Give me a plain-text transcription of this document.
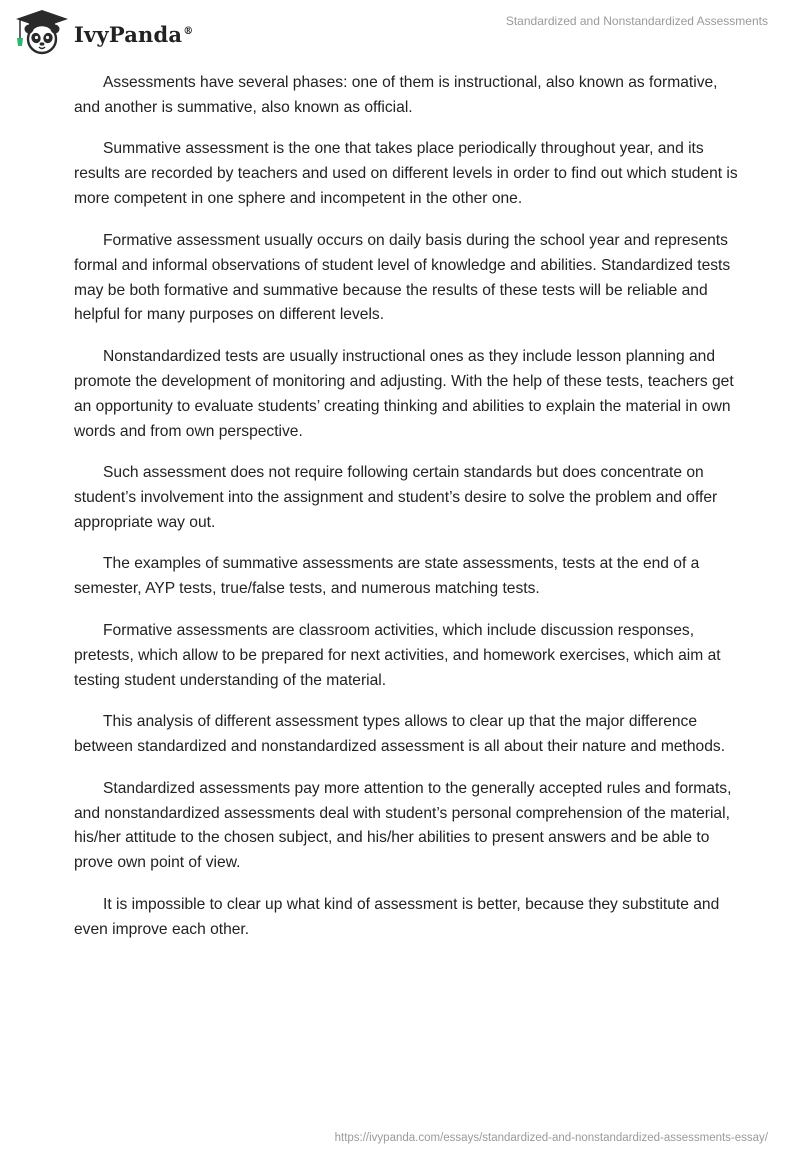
IvyPanda®
Standardized and Nonstandardized Assessments

Assessments have several phases: one of them is instructional, also known as formative, and another is summative, also known as official.

Summative assessment is the one that takes place periodically throughout year, and its results are recorded by teachers and used on different levels in order to find out which student is more competent in one sphere and incompetent in the other one.

Formative assessment usually occurs on daily basis during the school year and represents formal and informal observations of student level of knowledge and abilities. Standardized tests may be both formative and summative because the results of these tests will be reliable and helpful for many purposes on different levels.

Nonstandardized tests are usually instructional ones as they include lesson planning and promote the development of monitoring and adjusting. With the help of these tests, teachers get an opportunity to evaluate students’ creating thinking and abilities to explain the material in own words and from own perspective.

Such assessment does not require following certain standards but does concentrate on student’s involvement into the assignment and student’s desire to solve the problem and offer appropriate way out.

The examples of summative assessments are state assessments, tests at the end of a semester, AYP tests, true/false tests, and numerous matching tests.

Formative assessments are classroom activities, which include discussion responses, pretests, which allow to be prepared for next activities, and homework exercises, which aim at testing student understanding of the material.

This analysis of different assessment types allows to clear up that the major difference between standardized and nonstandardized assessment is all about their nature and methods.

Standardized assessments pay more attention to the generally accepted rules and formats, and nonstandardized assessments deal with student’s personal comprehension of the material, his/her attitude to the chosen subject, and his/her abilities to present answers and be able to prove own point of view.

It is impossible to clear up what kind of assessment is better, because they substitute and even improve each other.

https://ivypanda.com/essays/standardized-and-nonstandardized-assessments-essay/
